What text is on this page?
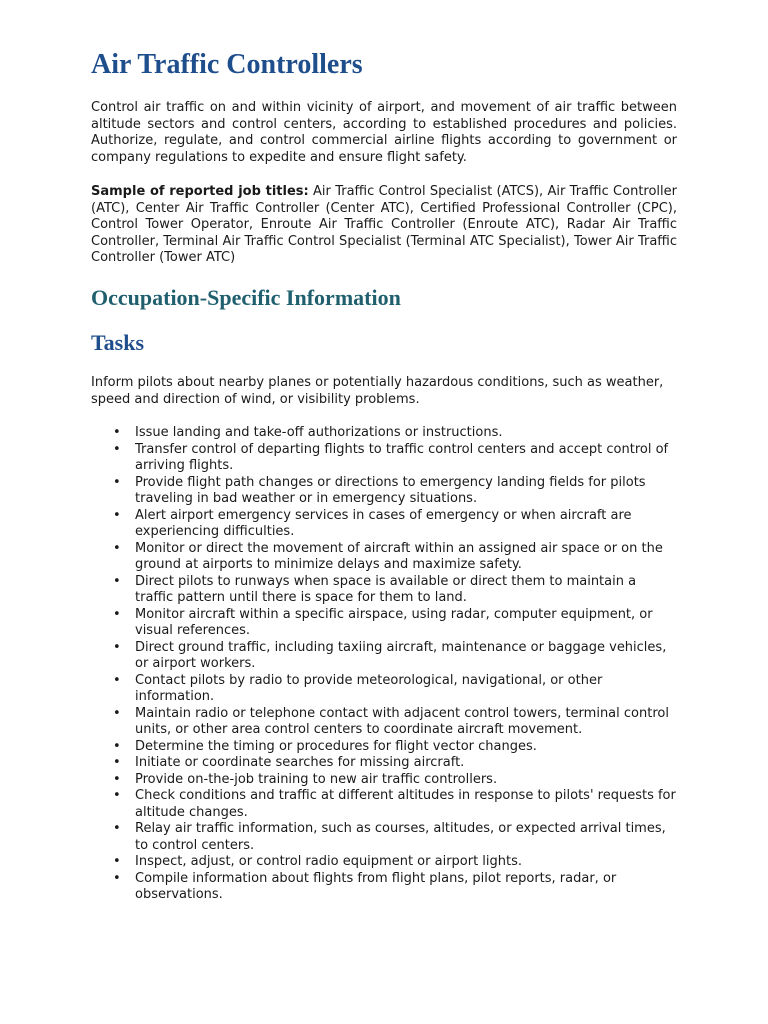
Air Traffic Controllers

Control air traffic on and within vicinity of airport, and movement of air traffic between altitude sectors and control centers, according to established procedures and policies. Authorize, regulate, and control commercial airline flights according to government or company regulations to expedite and ensure flight safety.

Sample of reported job titles: Air Traffic Control Specialist (ATCS), Air Traffic Controller (ATC), Center Air Traffic Controller (Center ATC), Certified Professional Controller (CPC), Control Tower Operator, Enroute Air Traffic Controller (Enroute ATC), Radar Air Traffic Controller, Terminal Air Traffic Control Specialist (Terminal ATC Specialist), Tower Air Traffic Controller (Tower ATC)

Occupation-Specific Information
Tasks

Inform pilots about nearby planes or potentially hazardous conditions, such as weather, speed and direction of wind, or visibility problems.

• Issue landing and take-off authorizations or instructions.
• Transfer control of departing flights to traffic control centers and accept control of arriving flights.
• Provide flight path changes or directions to emergency landing fields for pilots traveling in bad weather or in emergency situations.
• Alert airport emergency services in cases of emergency or when aircraft are experiencing difficulties.
• Monitor or direct the movement of aircraft within an assigned air space or on the ground at airports to minimize delays and maximize safety.
• Direct pilots to runways when space is available or direct them to maintain a traffic pattern until there is space for them to land.
• Monitor aircraft within a specific airspace, using radar, computer equipment, or visual references.
• Direct ground traffic, including taxiing aircraft, maintenance or baggage vehicles, or airport workers.
• Contact pilots by radio to provide meteorological, navigational, or other information.
• Maintain radio or telephone contact with adjacent control towers, terminal control units, or other area control centers to coordinate aircraft movement.
• Determine the timing or procedures for flight vector changes.
• Initiate or coordinate searches for missing aircraft.
• Provide on-the-job training to new air traffic controllers.
• Check conditions and traffic at different altitudes in response to pilots' requests for altitude changes.
• Relay air traffic information, such as courses, altitudes, or expected arrival times, to control centers.
• Inspect, adjust, or control radio equipment or airport lights.
• Compile information about flights from flight plans, pilot reports, radar, or observations.
